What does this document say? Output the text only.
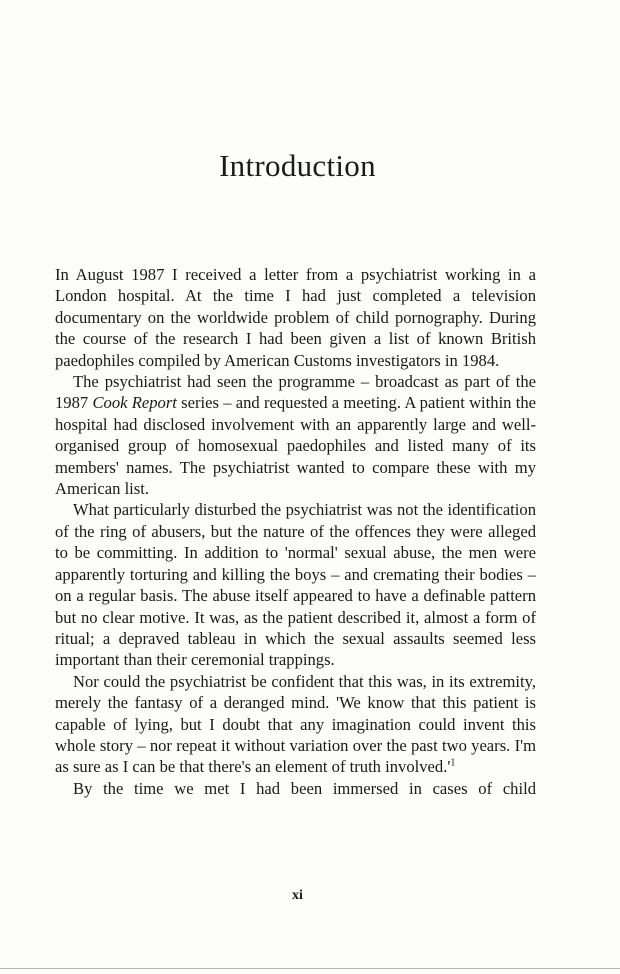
Introduction

In August 1987 I received a letter from a psychiatrist working in a London hospital. At the time I had just completed a television documentary on the worldwide problem of child pornography. During the course of the research I had been given a list of known British paedophiles compiled by American Customs investigators in 1984.

The psychiatrist had seen the programme – broadcast as part of the 1987 Cook Report series – and requested a meeting. A patient within the hospital had disclosed involvement with an apparently large and well-organised group of homosexual paedophiles and listed many of its members' names. The psychiatrist wanted to compare these with my American list.

What particularly disturbed the psychiatrist was not the identification of the ring of abusers, but the nature of the offences they were alleged to be committing. In addition to 'normal' sexual abuse, the men were apparently torturing and killing the boys – and cremating their bodies – on a regular basis. The abuse itself appeared to have a definable pattern but no clear motive. It was, as the patient described it, almost a form of ritual; a depraved tableau in which the sexual assaults seemed less important than their ceremonial trappings.

Nor could the psychiatrist be confident that this was, in its extremity, merely the fantasy of a deranged mind. 'We know that this patient is capable of lying, but I doubt that any imagination could invent this whole story – nor repeat it without variation over the past two years. I'm as sure as I can be that there's an element of truth $involved.'^1$

By the time we met I had been immersed in cases of child

xi
